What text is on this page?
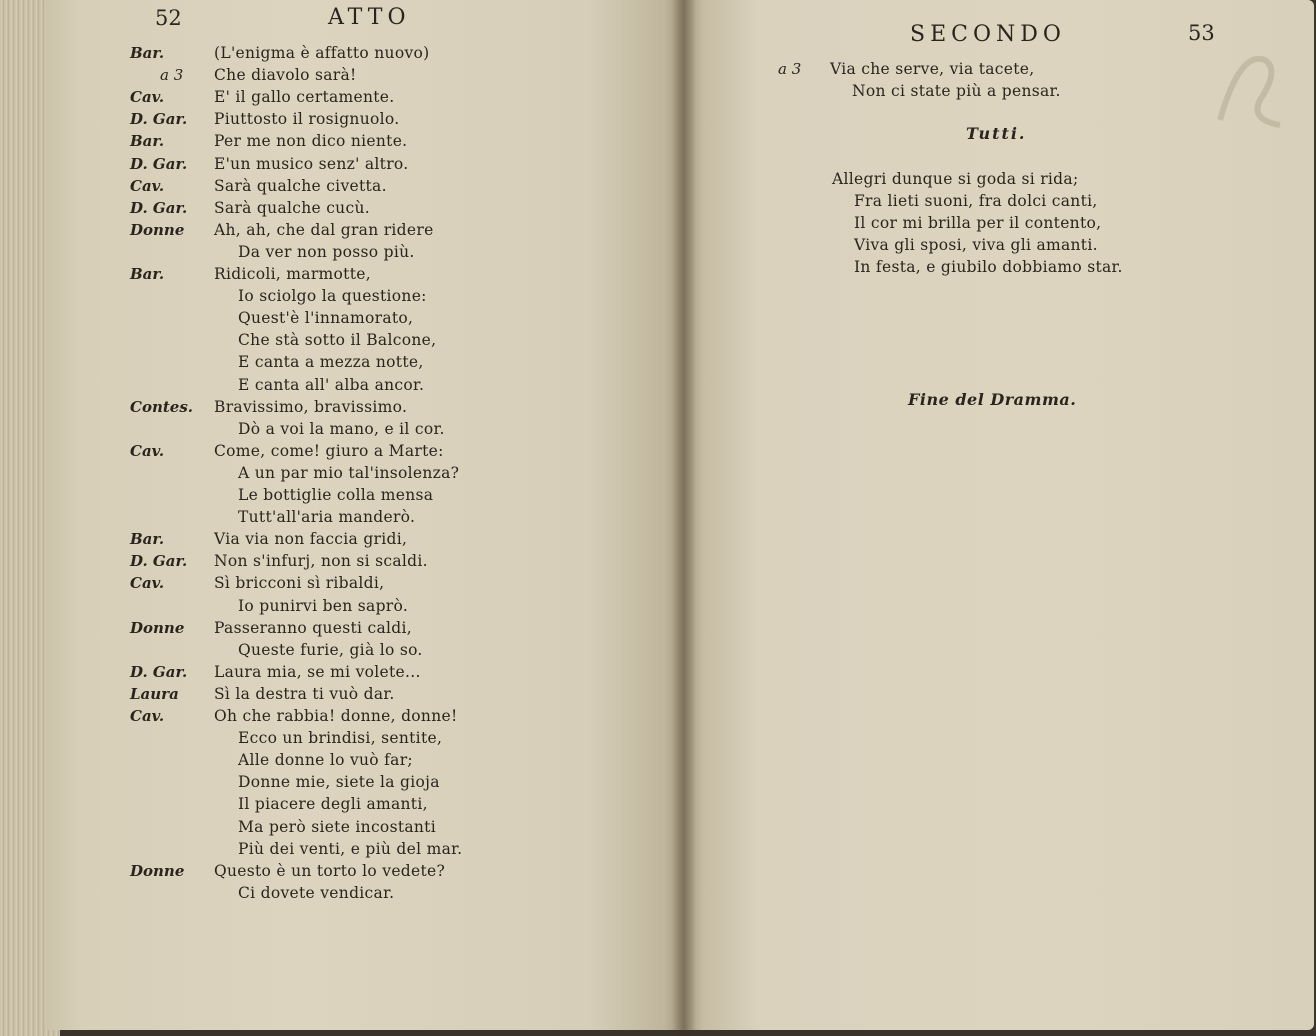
52	ATTO
Bar.	(L'enigma è affatto nuovo)
a 3 Che diavolo sarà!
Cav.	E' il gallo certamente.
D. Gar. Piuttosto il rosignuolo.
Bar.	Per me non dico niente.
D. Gar. E'un musico senz' altro.
Cav.	Sarà qualche civetta.
D. Gar. Sarà qualche cucù.
Donne Ah, ah, che dal gran ridere
Da ver non posso più.
Bar.	Ridicoli, marmotte,
Io sciolgo la questione:
Quest'è l'innamorato,
Che stà sotto il Balcone,
E canta a mezza notte,
E canta all' alba ancor.
Contes. Bravissimo, bravissimo.
Dò a voi la mano, e il cor.
Cav.	Come, come! giuro a Marte:
A un par mio tal'insolenza?
Le bottiglie colla mensa
Tutt'all'aria manderò.
Bar.	Via via non faccia gridi,
D. Gar. Non s'infurj, non si scaldi.
Cav.	Sì bricconi sì ribaldi,
Io punirvi ben saprò.
Donne Passeranno questi caldi,
Queste furie, già lo so.
D. Gar. Laura mia, se mi volete...
Laura Sì la destra ti vuò dar.
Cav.	Oh che rabbia! donne, donne!
Ecco un brindisi, sentite,
Alle donne lo vuò far;
Donne mie, siete la gioja
Il piacere degli amanti,
Ma però siete incostanti
Più dei venti, e più del mar.
Donne Questo è un torto lo vedete?
Ci dovete vendicar.
SECONDO	53
a 3 Via che serve, via tacete,
Non ci state più a pensar.
Tutti.
Allegri dunque si goda si rida;
Fra lieti suoni, fra dolci canti,
Il cor mi brilla per il contento,
Viva gli sposi, viva gli amanti.
In festa, e giubilo dobbiamo star.
Fine del Dramma.
